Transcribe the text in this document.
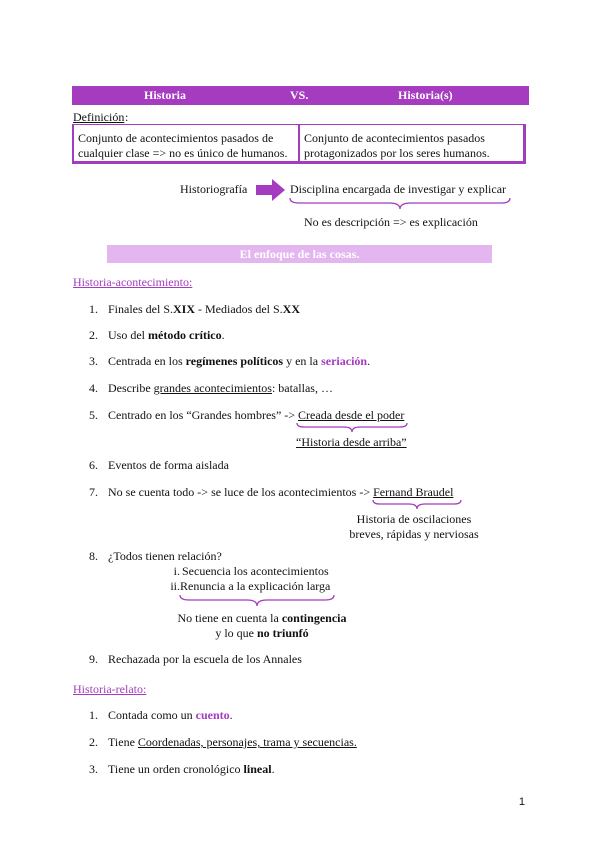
Historia	VS.	Historia(s)
Definición :
Conjunto de acontecimientos pasados de
cualquier clase => no es único de humanos.
Conjunto de acontecimientos pasados
protagonizados por los seres humanos.
Historiografía	Disciplina encargada de investigar y explicar
No es descripción => es explicación
El enfoque de las cosas.
Historia-acontecimiento:
1. Finales del S.XIX - Mediados del S.XX
2. Uso del método crítico.
3. Centrada en los regímenes políticos y en la seriación.
4. Describe grandes acontecimientos: batallas, …
5. Centrado en los “Grandes hombres” -> Creada desde el poder
“Historia desde arriba”
6. Eventos de forma aislada
7. No se cuenta todo -> se luce de los acontecimientos -> Fernand Braudel
Historia de oscilaciones
breves, rápidas y nerviosas
8. ¿Todos tienen relación?
i. Secuencia los acontecimientos
ii.Renuncia a la explicación larga
No tiene en cuenta la contingencia
y lo que no triunfó
9. Rechazada por la escuela de los Annales
Historia-relato:
1. Contada como un cuento.
2. Tiene Coordenadas, personajes, trama y secuencias.
3. Tiene un orden cronológico lineal.
1
